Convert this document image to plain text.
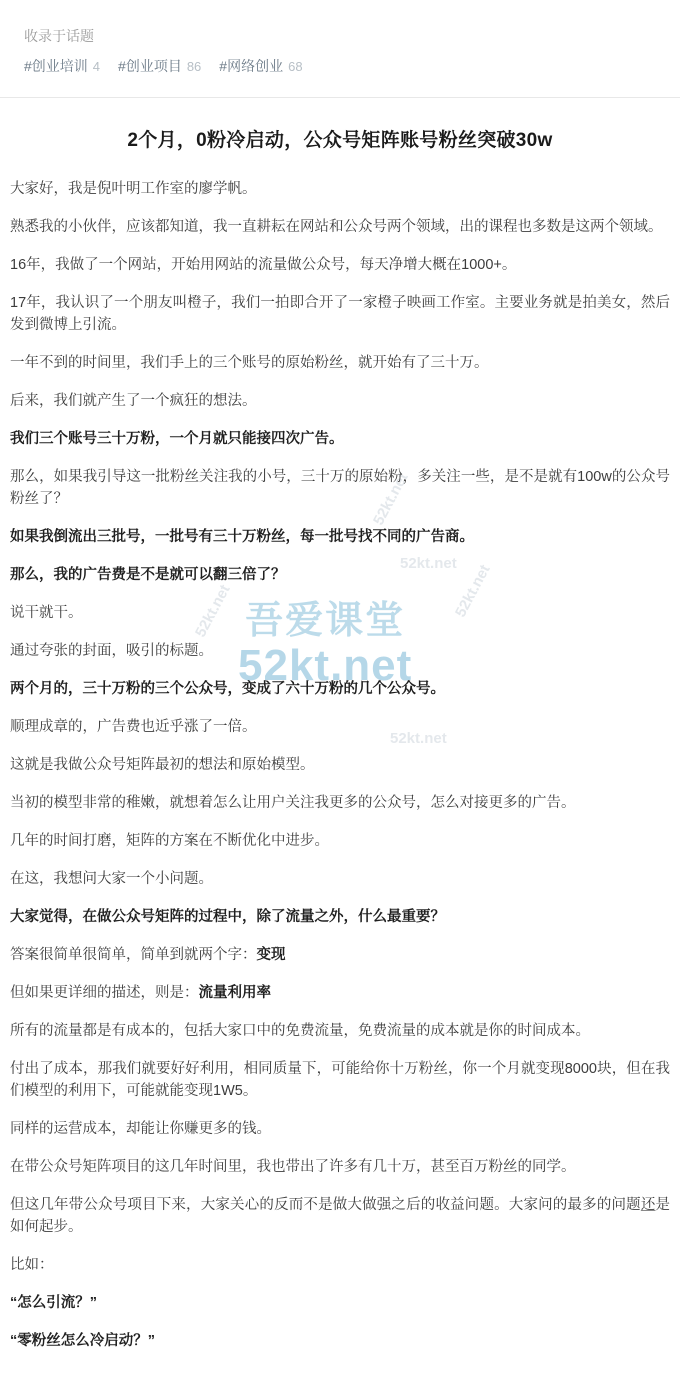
收录于话题
#创业培训 4 #创业项目 86 #网络创业 68
52kt.net
52kt.net
52kt.net	52kt.net
52kt.net
吾爱课堂
52kt.net
2个月，0粉冷启动，公众号矩阵账号粉丝突破30w

大家好，我是倪叶明工作室的廖学帆。

熟悉我的小伙伴，应该都知道，我一直耕耘在网站和公众号两个领域，出的课程也多数是这两个领域。

16年，我做了一个网站，开始用网站的流量做公众号，每天净增大概在1000+。

17年，我认识了一个朋友叫橙子，我们一拍即合开了一家橙子映画工作室。主要业务就是拍美女，然后发到微博上引流。

一年不到的时间里，我们手上的三个账号的原始粉丝，就开始有了三十万。

后来，我们就产生了一个疯狂的想法。

我们三个账号三十万粉，一个月就只能接四次广告。

那么，如果我引导这一批粉丝关注我的小号，三十万的原始粉，多关注一些，是不是就有100w的公众号粉丝了？

如果我倒流出三批号，一批号有三十万粉丝，每一批号找不同的广告商。

那么，我的广告费是不是就可以翻三倍了？

说干就干。

通过夸张的封面，吸引的标题。

两个月的，三十万粉的三个公众号，变成了六十万粉的几个公众号。

顺理成章的，广告费也近乎涨了一倍。

这就是我做公众号矩阵最初的想法和原始模型。

当初的模型非常的稚嫩，就想着怎么让用户关注我更多的公众号，怎么对接更多的广告。

几年的时间打磨，矩阵的方案在不断优化中进步。

在这，我想问大家一个小问题。

大家觉得，在做公众号矩阵的过程中，除了流量之外，什么最重要？

答案很简单很简单，简单到就两个字：变现

但如果更详细的描述，则是：流量利用率

所有的流量都是有成本的，包括大家口中的免费流量，免费流量的成本就是你的时间成本。

付出了成本，那我们就要好好利用，相同质量下，可能给你十万粉丝，你一个月就变现8000块，但在我们模型的利用下，可能就能变现1W5。

同样的运营成本，却能让你赚更多的钱。

在带公众号矩阵项目的这几年时间里，我也带出了许多有几十万，甚至百万粉丝的同学。

但这几年带公众号项目下来，大家关心的反而不是做大做强之后的收益问题。大家问的最多的问题还是如何起步。

比如：

“怎么引流？”

“零粉丝怎么冷启动？”
